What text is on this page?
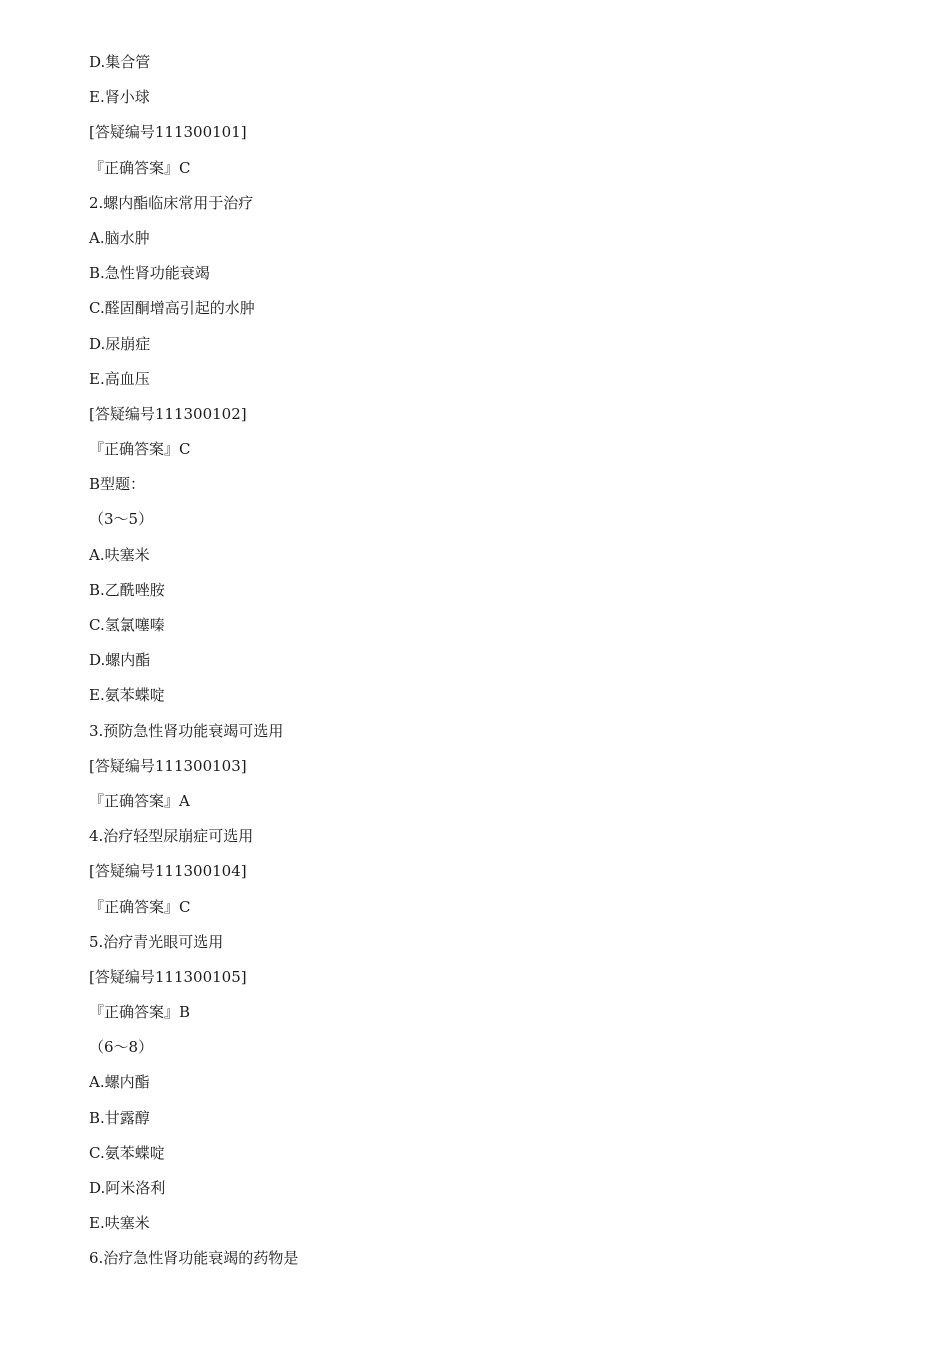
D.集合管
E.肾小球
[答疑编号111300101]
『正确答案』C
2.螺内酯临床常用于治疗
A.脑水肿
B.急性肾功能衰竭
C.醛固酮增高引起的水肿
D.尿崩症
E.高血压
[答疑编号111300102]
『正确答案』C
B型题：
（3～5）
A.呋塞米
B.乙酰唑胺
C.氢氯噻嗪
D.螺内酯
E.氨苯蝶啶
3.预防急性肾功能衰竭可选用
[答疑编号111300103]
『正确答案』A
4.治疗轻型尿崩症可选用
[答疑编号111300104]
『正确答案』C
5.治疗青光眼可选用
[答疑编号111300105]
『正确答案』B
（6～8）
A.螺内酯
B.甘露醇
C.氨苯蝶啶
D.阿米洛利
E.呋塞米
6.治疗急性肾功能衰竭的药物是
